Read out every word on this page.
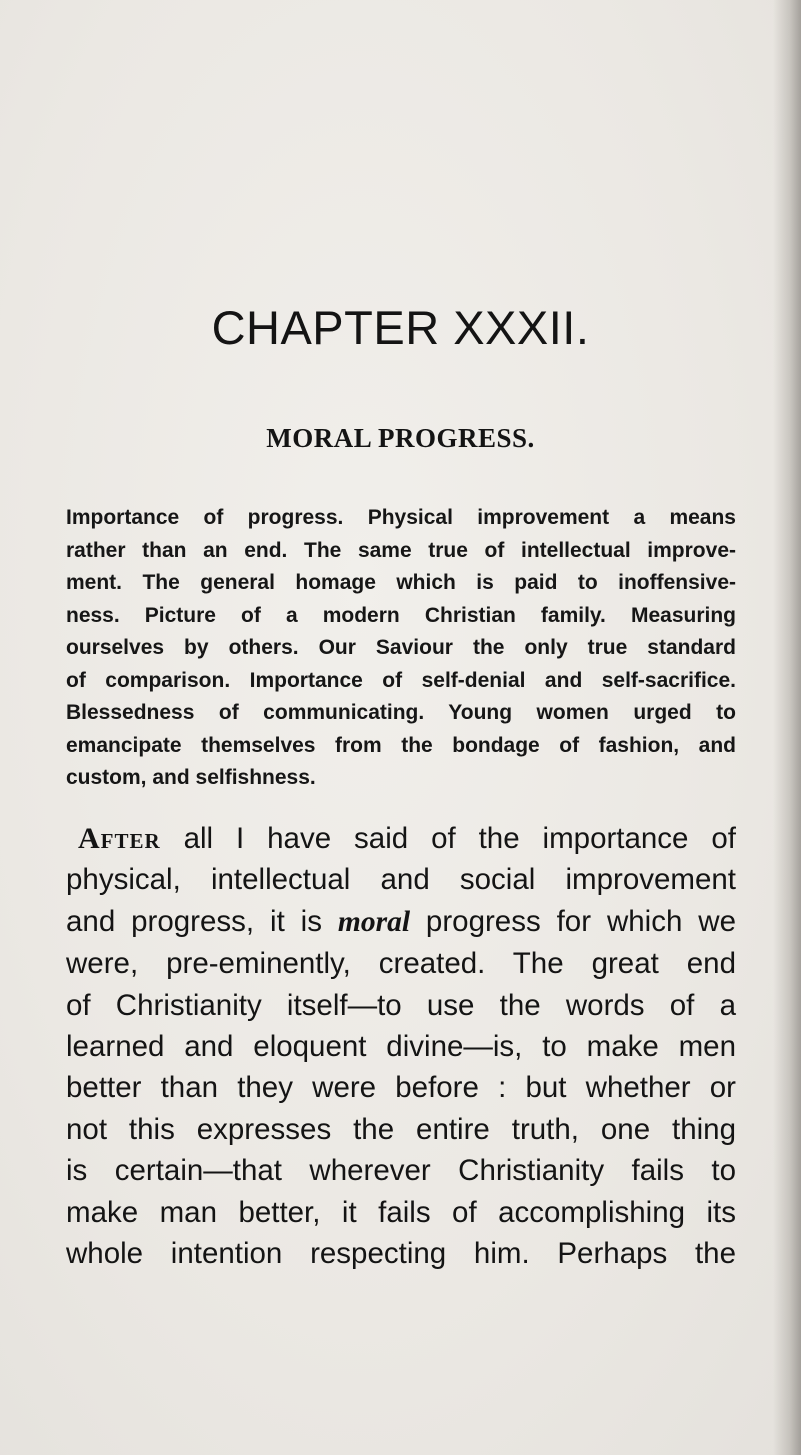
CHAPTER XXXII.
MORAL PROGRESS.

Importance of progress. Physical improvement a means
rather than an end. The same true of intellectual improve-
ment. The general homage which is paid to inoffensive-
ness. Picture of a modern Christian family. Measuring
ourselves by others. Our Saviour the only true standard
of comparison. Importance of self-denial and self-sacrifice.
Blessedness of communicating. Young women urged to
emancipate themselves from the bondage of fashion, and
custom, and selfishness.

After all I have said of the importance of
physical, intellectual and social improvement
and progress, it is moral progress for which we
were, pre-eminently, created. The great end
of Christianity itself—to use the words of a
learned and eloquent divine—is, to make men
better than they were before : but whether or
not this expresses the entire truth, one thing
is certain—that wherever Christianity fails to
make man better, it fails of accomplishing its
whole intention respecting him. Perhaps the
